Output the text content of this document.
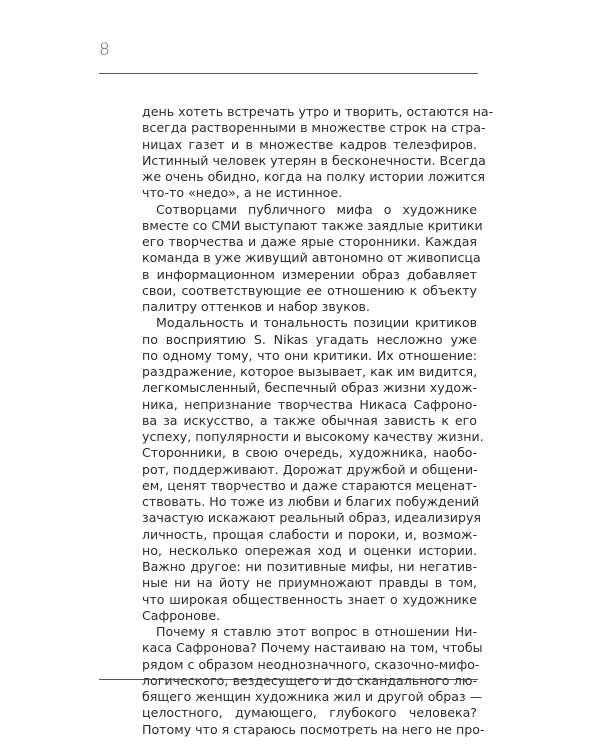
8
день хотеть встречать утро и творить, остаются на-
всегда растворенными в множестве строк на стра-
ницах газет и в множестве кадров телеэфиров.
Истинный человек утерян в бесконечности. Всегда
же очень обидно, когда на полку истории ложится
что-то «недо», а не истинное.
Сотворцами публичного мифа о художнике
вместе со СМИ выступают также заядлые критики
его творчества и даже ярые сторонники. Каждая
команда в уже живущий автономно от живописца
в информационном измерении образ добавляет
свои, соответствующие ее отношению к объекту
палитру оттенков и набор звуков.
Модальность и тональность позиции критиков
по восприятию S. Nikas угадать несложно уже
по одному тому, что они критики. Их отношение:
раздражение, которое вызывает, как им видится,
легкомысленный, беспечный образ жизни худож-
ника, непризнание творчества Никаса Сафроно-
ва за искусство, а также обычная зависть к его
успеху, популярности и высокому качеству жизни.
Сторонники, в свою очередь, художника, наобо-
рот, поддерживают. Дорожат дружбой и общени-
ем, ценят творчество и даже стараются меценат-
ствовать. Но тоже из любви и благих побуждений
зачастую искажают реальный образ, идеализируя
личность, прощая слабости и пороки, и, возмож-
но, несколько опережая ход и оценки истории.
Важно другое: ни позитивные мифы, ни негатив-
ные ни на йоту не приумножают правды в том,
что широкая общественность знает о художнике
Сафронове.
Почему я ставлю этот вопрос в отношении Ни-
каса Сафронова? Почему настаиваю на том, чтобы
рядом с образом неоднозначного, сказочно-мифо-
логического, вездесущего и до скандального лю-
бящего женщин художника жил и другой образ —
целостного, думающего, глубокого человека?
Потому что я стараюсь посмотреть на него не про-
